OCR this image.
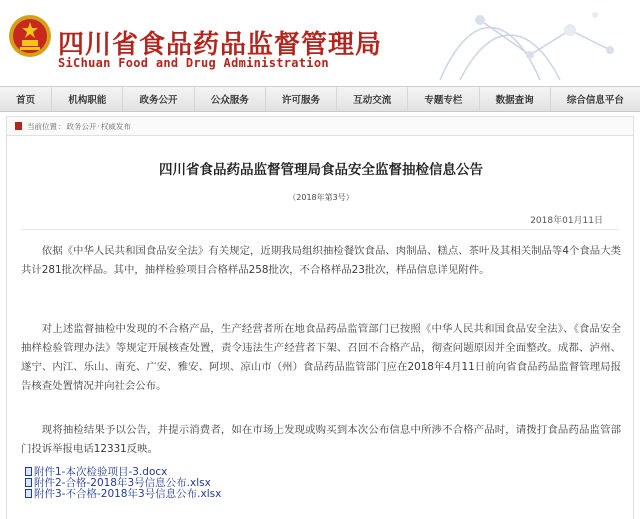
四川省食品药品监督管理局
SiChuan Food and Drug Administration
首页	机构职能	政务公开	公众服务	许可服务	互动交流	专题专栏	数据查询	综合信息平台
当前位置：政务公开·权威发布
四川省食品药品监督管理局食品安全监督抽检信息公告
（2018年第3号）
2018年01月11日

依据《中华人民共和国食品安全法》有关规定，近期我局组织抽检餐饮食品、肉制品、糕点、茶叶及其相关制品等4个食品大类共计281批次样品。其中，抽样检验项目合格样品258批次，不合格样品23批次，样品信息详见附件。

对上述监督抽检中发现的不合格产品，生产经营者所在地食品药品监管部门已按照《中华人民共和国食品安全法》、《食品安全抽样检验管理办法》等规定开展核查处置，责令违法生产经营者下架、召回不合格产品，彻查问题原因并全面整改。成都、泸州、遂宁、内江、乐山、南充、广安、雅安、阿坝、凉山市（州）食品药品监管部门应在2018年4月11日前向省食品药品监督管理局报告核查处置情况并向社会公布。

现将抽检结果予以公告，并提示消费者，如在市场上发现或购买到本次公布信息中所涉不合格产品时，请拨打食品药品监管部门投诉举报电话12331反映。

附件1-本次检验项目-3.docx
附件2-合格-2018年3号信息公布.xlsx
附件3-不合格-2018年3号信息公布.xlsx
